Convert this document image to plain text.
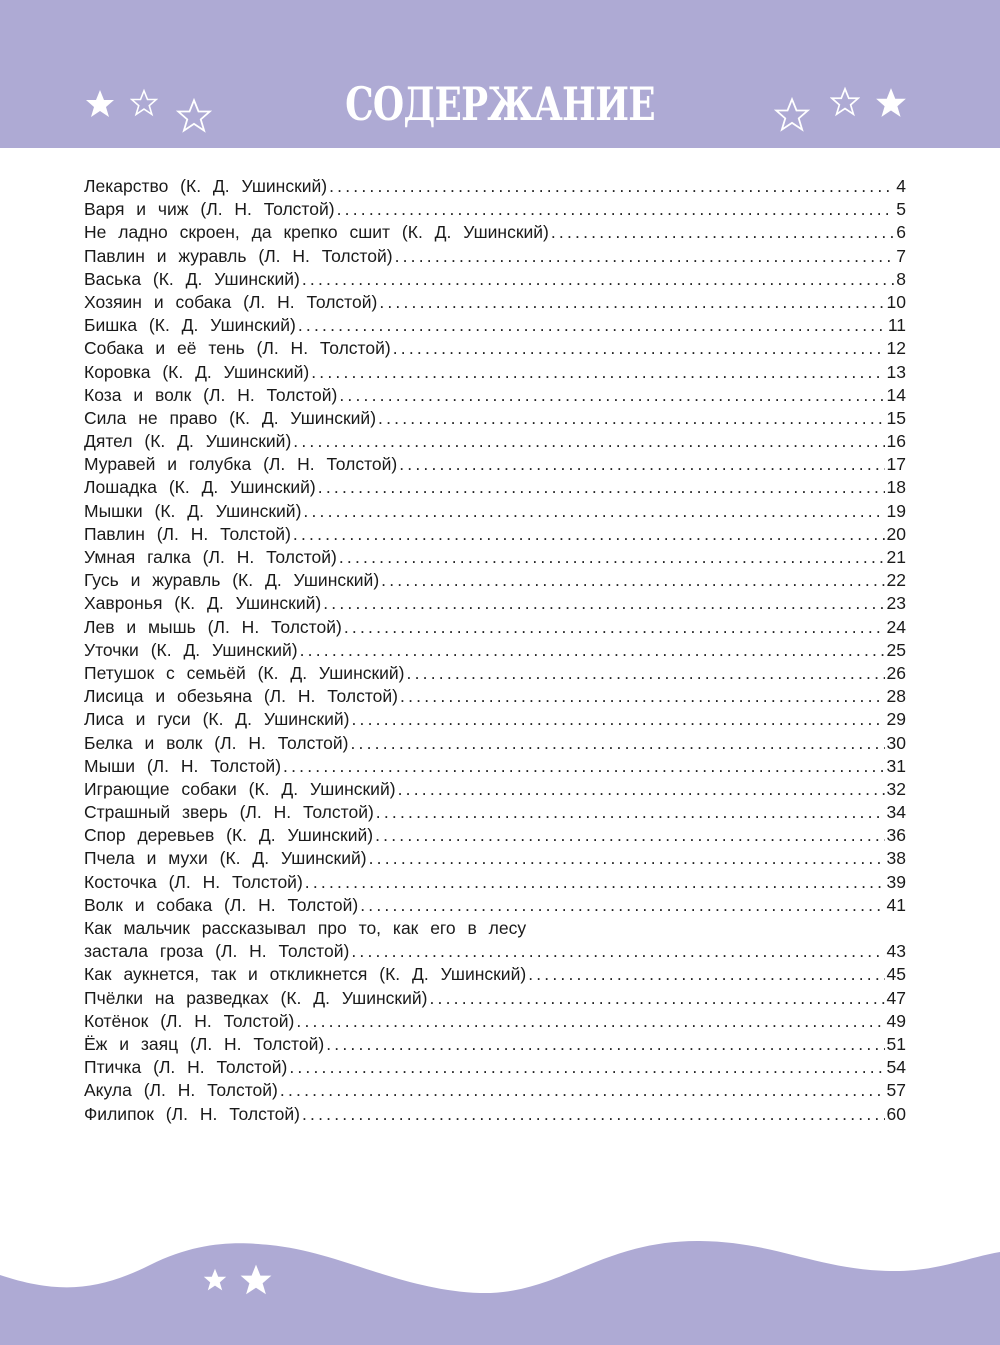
СОДЕРЖАНИЕ
Лекарство (К. Д. Ушинский) .....	4
Варя и чиж (Л. Н. Толстой) .....	5
Не ладно скроен, да крепко сшит (К. Д. Ушинский) .....	6
Павлин и журавль (Л. Н. Толстой) .....	7
Васька (К. Д. Ушинский) .....	8
Хозяин и собака (Л. Н. Толстой) .....	10
Бишка (К. Д. Ушинский) .....	11
Собака и её тень (Л. Н. Толстой) .....	12
Коровка (К. Д. Ушинский) .....	13
Коза и волк (Л. Н. Толстой) .....	14
Сила не право (К. Д. Ушинский) .....	15
Дятел (К. Д. Ушинский) .....	16
Муравей и голубка (Л. Н. Толстой) .....	17
Лошадка (К. Д. Ушинский) .....	18
Мышки (К. Д. Ушинский) .....	19
Павлин (Л. Н. Толстой) .....	20
Умная галка (Л. Н. Толстой) .....	21
Гусь и журавль (К. Д. Ушинский) .....	22
Хавронья (К. Д. Ушинский) .....	23
Лев и мышь (Л. Н. Толстой) .....	24
Уточки (К. Д. Ушинский) .....	25
Петушок с семьёй (К. Д. Ушинский) .....	26
Лисица и обезьяна (Л. Н. Толстой) .....	28
Лиса и гуси (К. Д. Ушинский) .....	29
Белка и волк (Л. Н. Толстой) .....	30
Мыши (Л. Н. Толстой) .....	31
Играющие собаки (К. Д. Ушинский) .....	32
Страшный зверь (Л. Н. Толстой) .....	34
Спор деревьев (К. Д. Ушинский) .....	36
Пчела и мухи (К. Д. Ушинский) .....	38
Косточка (Л. Н. Толстой) .....	39
Волк и собака (Л. Н. Толстой) .....	41
Как мальчик рассказывал про то, как его в лесу
застала гроза (Л. Н. Толстой) .....	43
Как аукнется, так и откликнется (К. Д. Ушинский) .....	45
Пчёлки на разведках (К. Д. Ушинский) .....	47
Котёнок (Л. Н. Толстой) .....	49
Ёж и заяц (Л. Н. Толстой) .....	51
Птичка (Л. Н. Толстой) .....	54
Акула (Л. Н. Толстой) .....	57
Филипок (Л. Н. Толстой) .....	60
